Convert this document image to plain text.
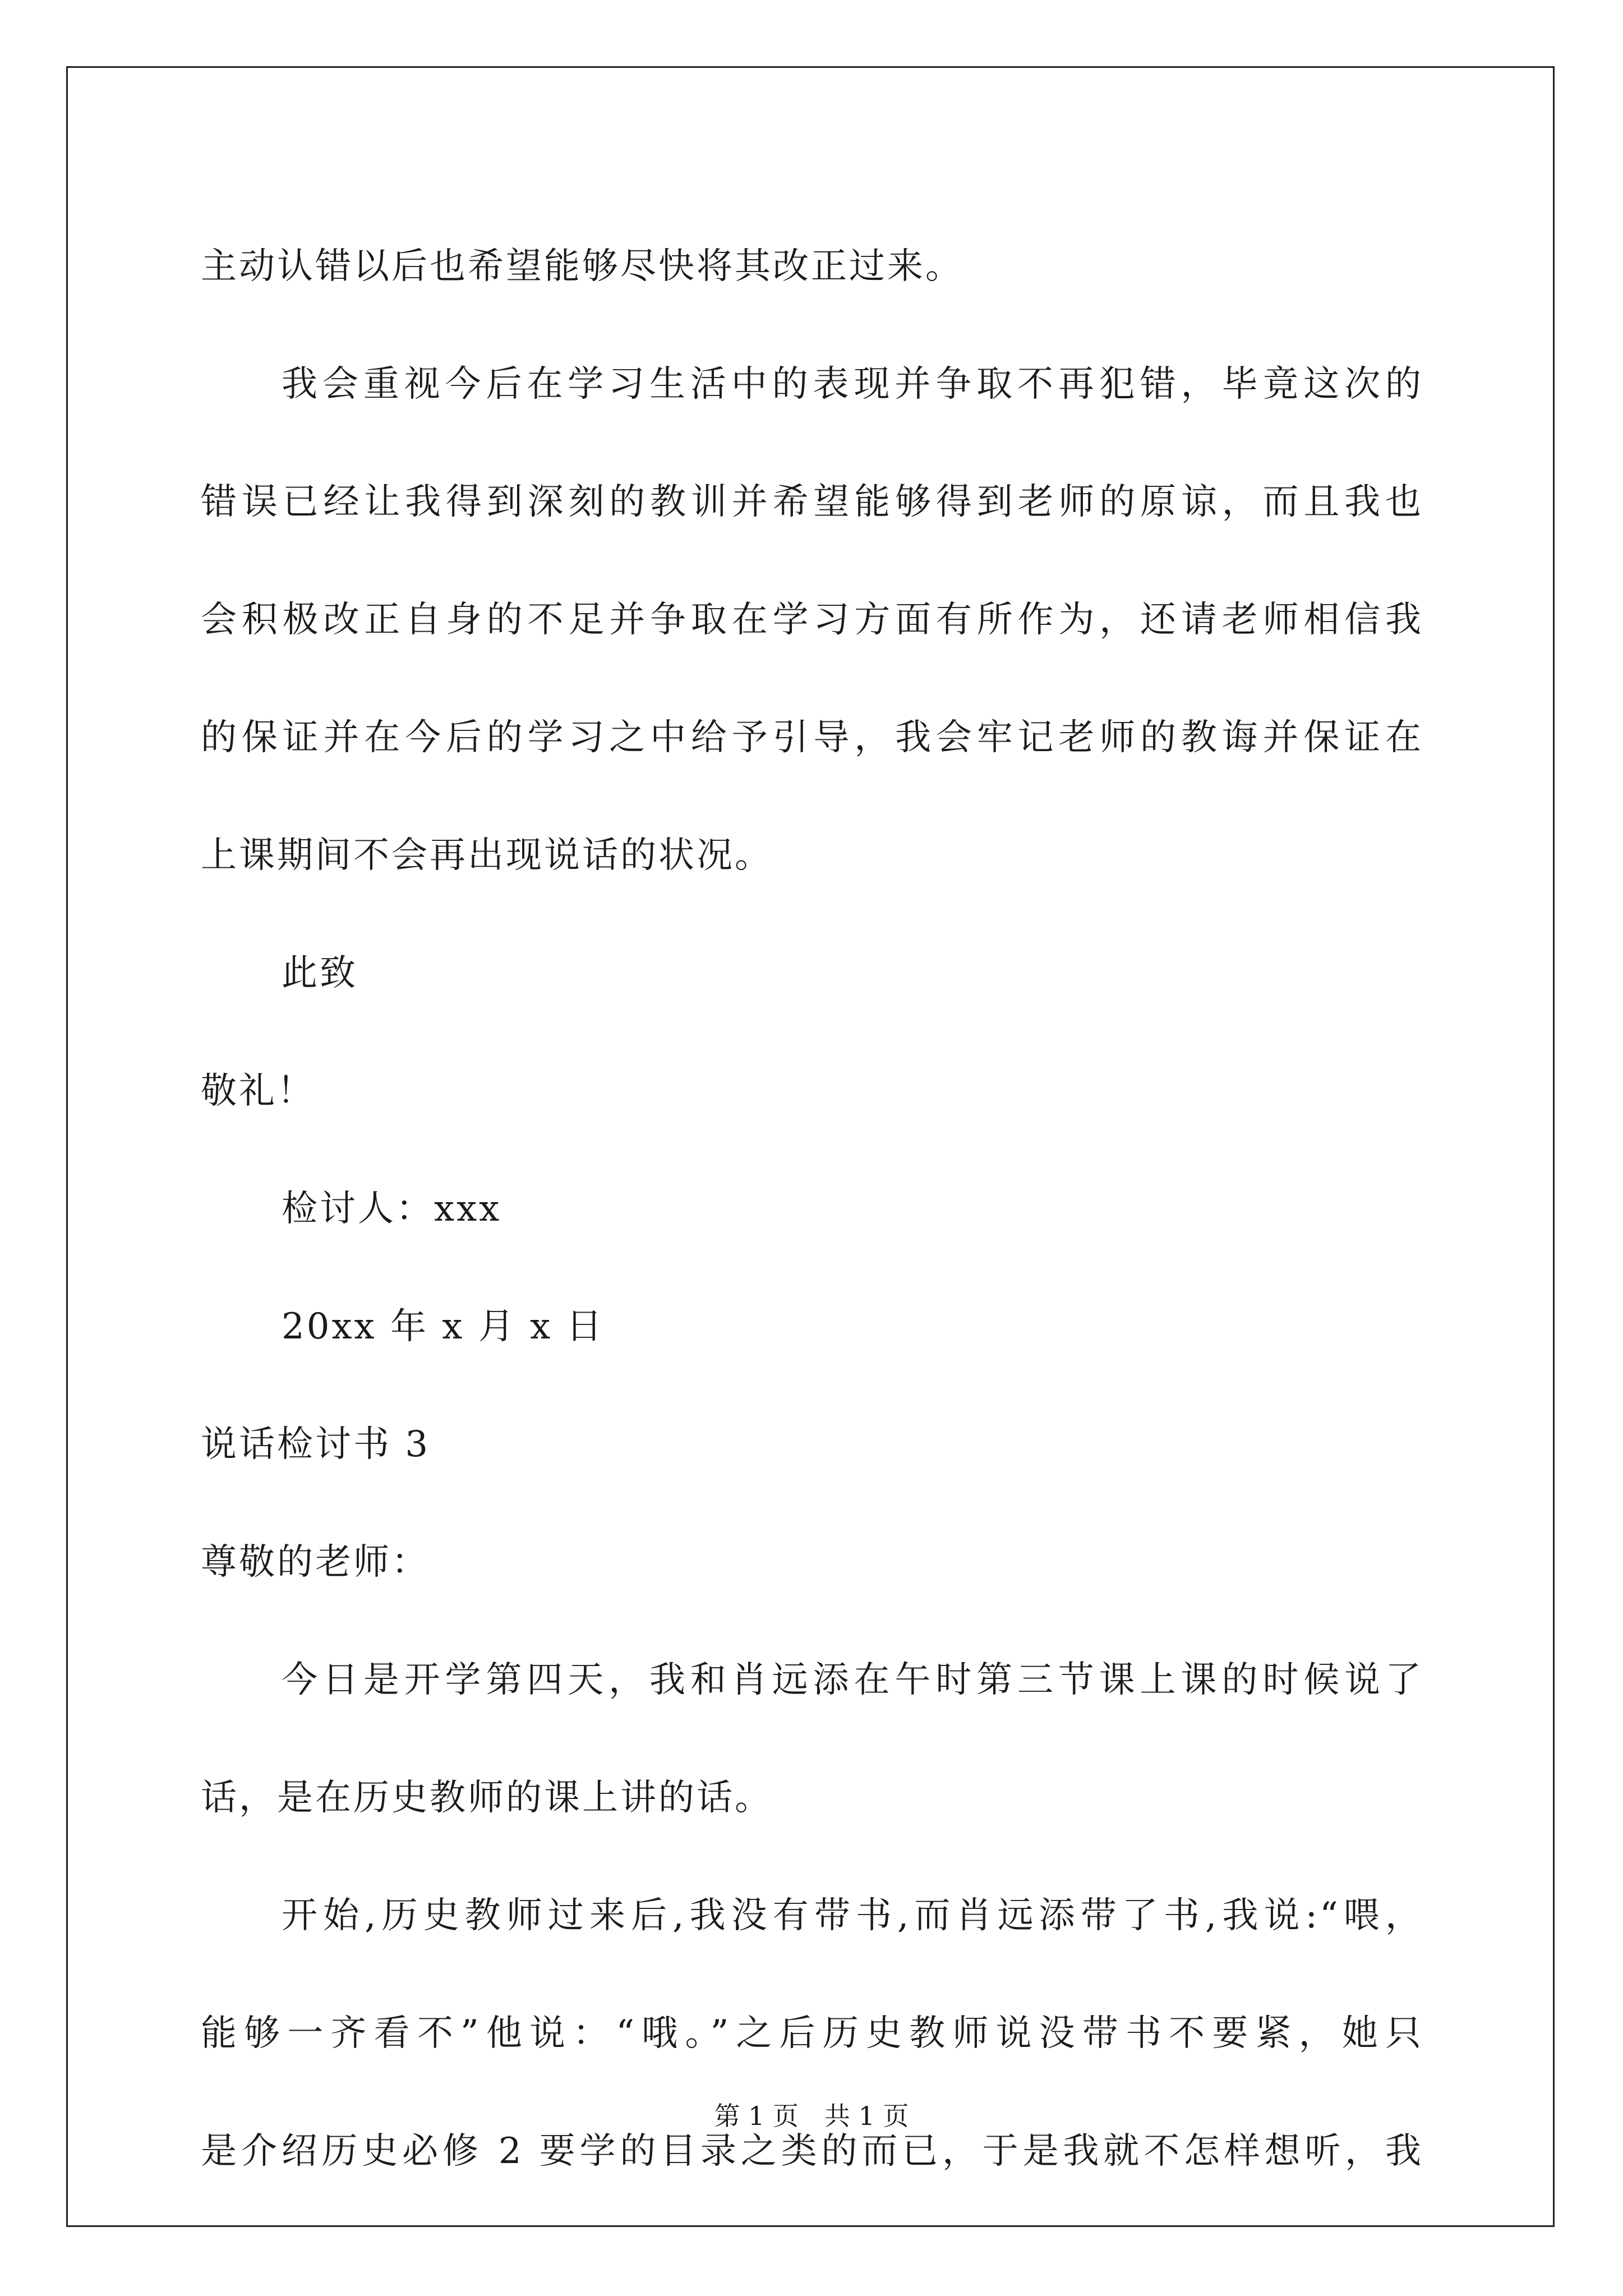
主动认错以后也希望能够尽快将其改正过来。
我会重视今后在学习生活中的表现并争取不再犯错，毕竟这次的
错误已经让我得到深刻的教训并希望能够得到老师的原谅，而且我也
会积极改正自身的不足并争取在学习方面有所作为，还请老师相信我
的保证并在今后的学习之中给予引导，我会牢记老师的教诲并保证在
上课期间不会再出现说话的状况。
此致
敬礼！
检讨人：xxx
20xx 年 x 月 x 日
说话检讨书 3
尊敬的老师：
今日是开学第四天，我和肖远添在午时第三节课上课的时候说了
话，是在历史教师的课上讲的话。
开始,历史教师过来后,我没有带书,而肖远添带了书,我说:“喂，
能够一齐看不”他说：“哦。”之后历史教师说没带书不要紧，她只
是介绍历史必修 2 要学的目录之类的而已，于是我就不怎样想听，我
第 1 页　共 1 页
